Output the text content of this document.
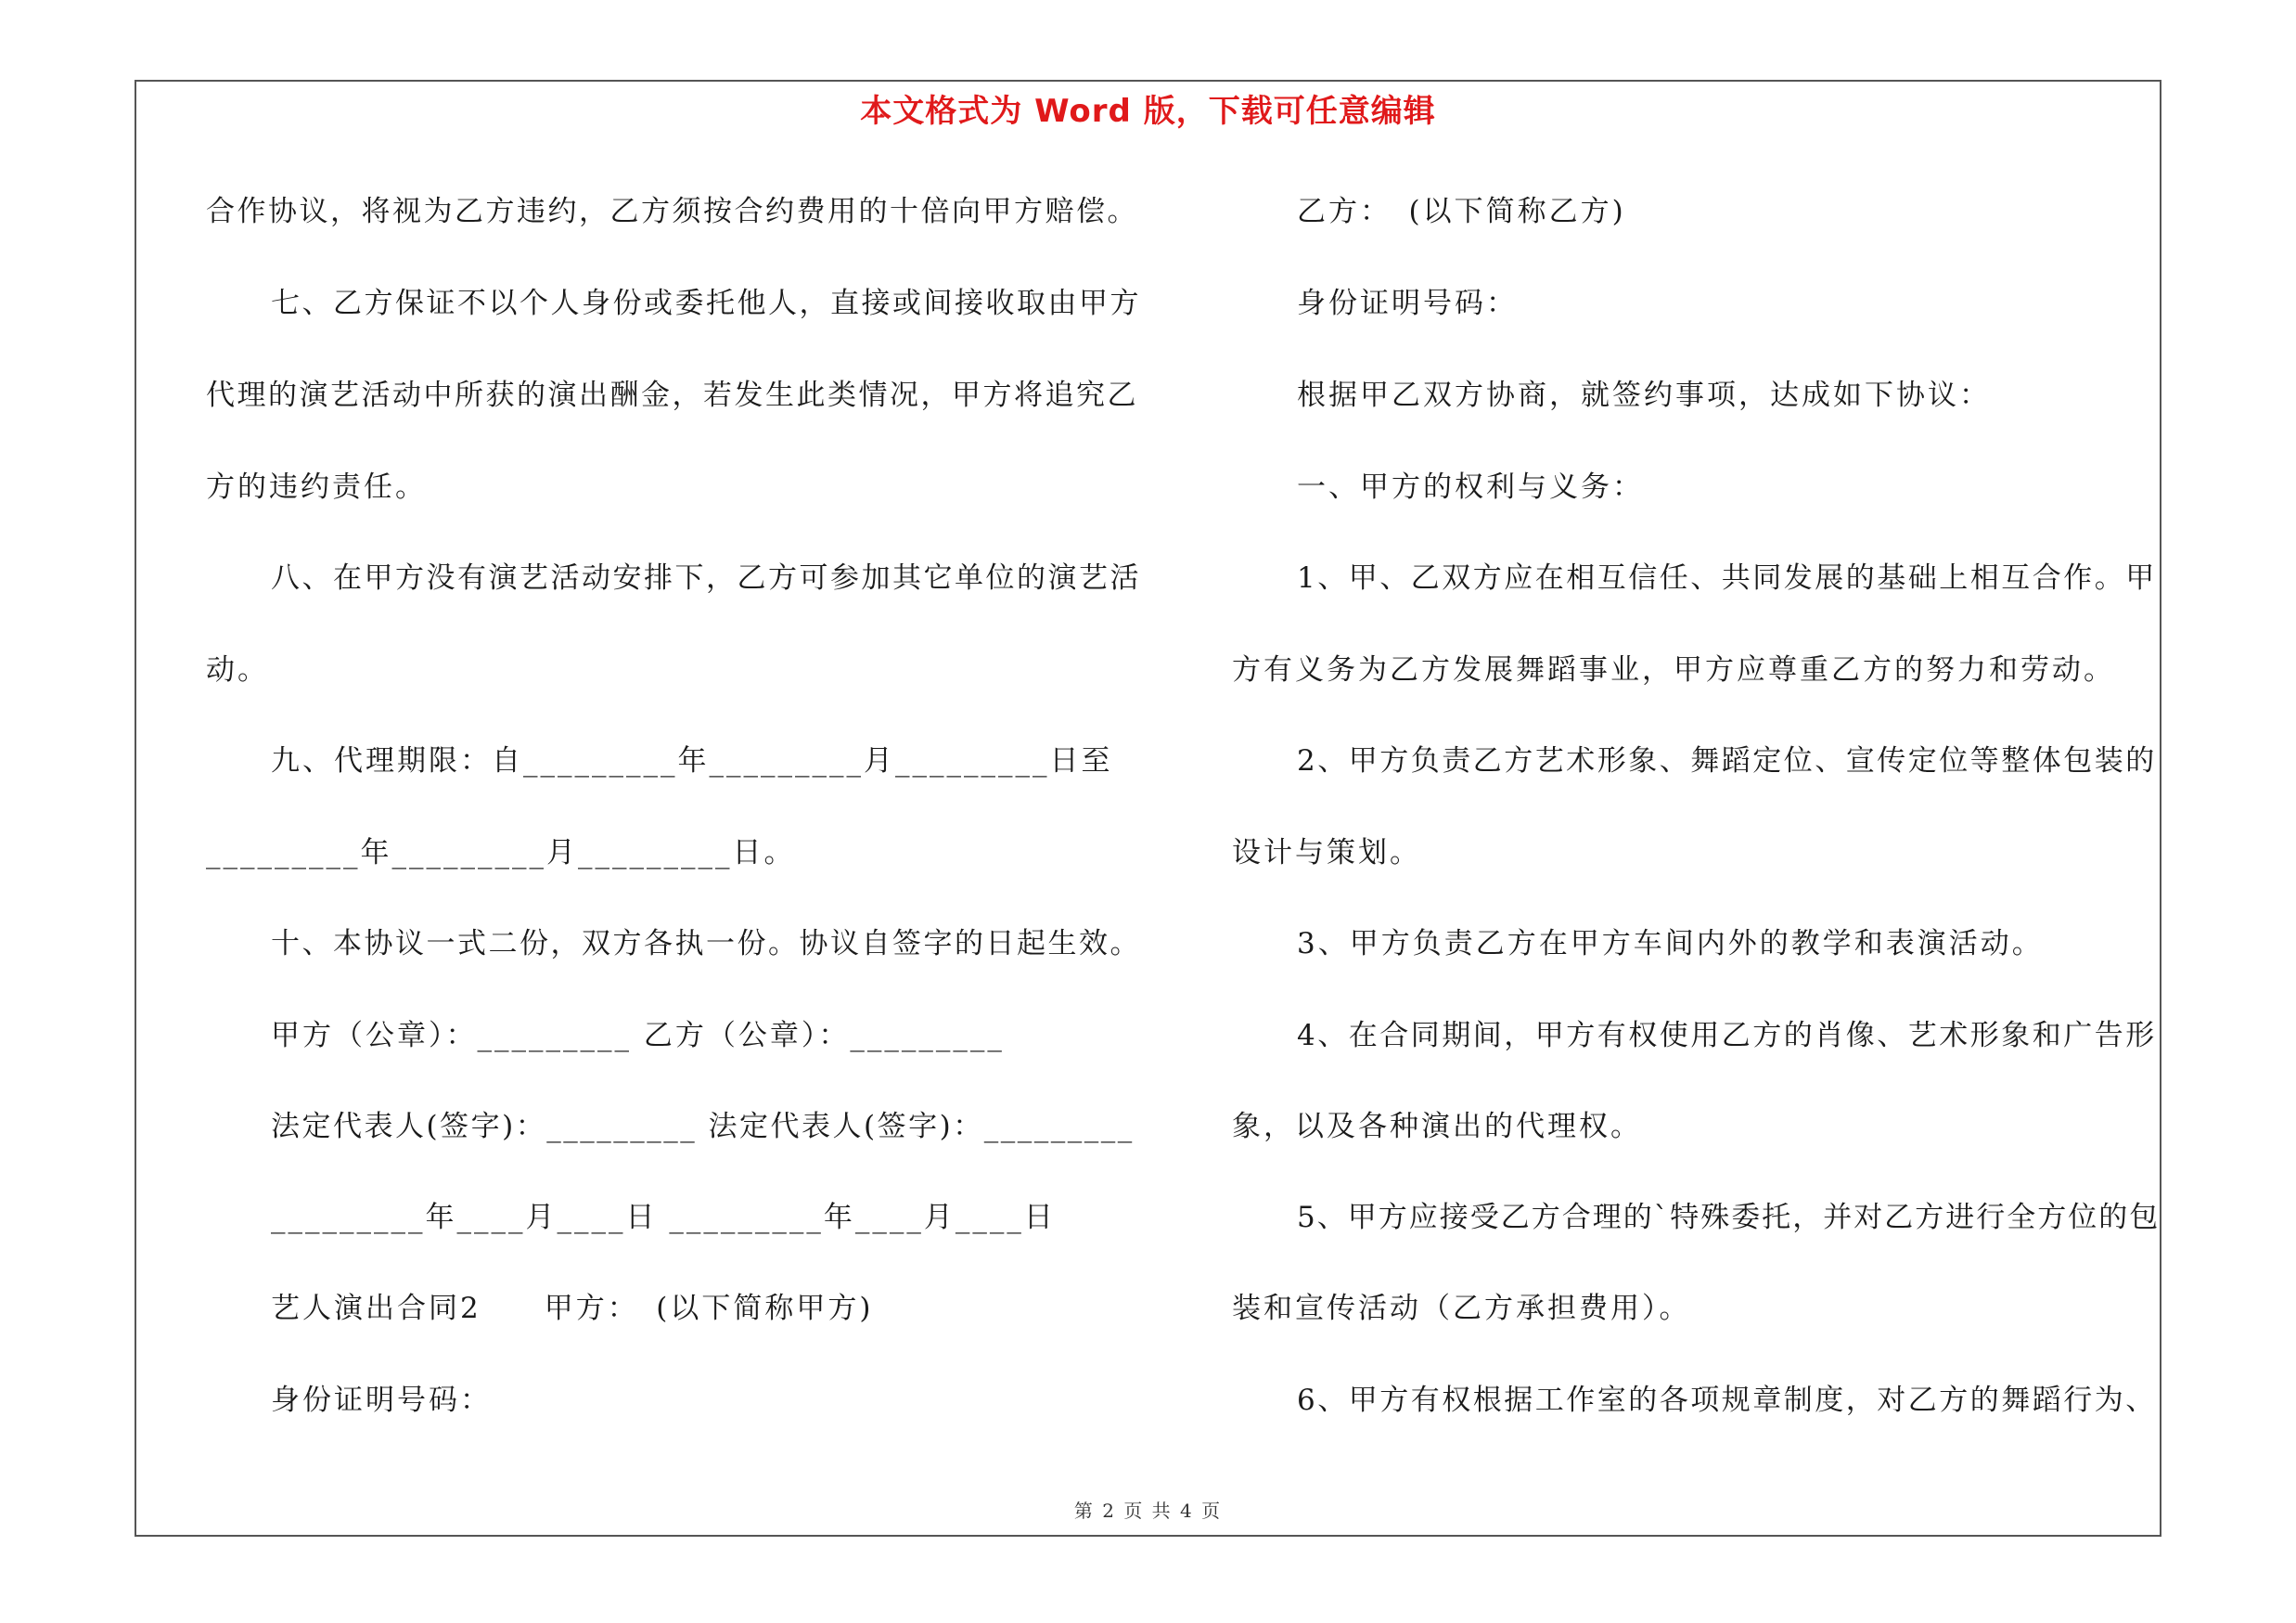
本文格式为 Word 版，下载可任意编辑
合作协议，将视为乙方违约，乙方须按合约费用的十倍向甲方赔偿。
七、乙方保证不以个人身份或委托他人，直接或间接收取由甲方
代理的演艺活动中所获的演出酬金，若发生此类情况，甲方将追究乙
方的违约责任。
八、在甲方没有演艺活动安排下，乙方可参加其它单位的演艺活
动。
九、代理期限：自_________年_________月_________日至
_________年_________月_________日。
十、本协议一式二份，双方各执一份。协议自签字的日起生效。
甲方（公章）：_________ 乙方（公章）：_________
法定代表人(签字)：_________ 法定代表人(签字)：_________
_________年____月____日 _________年____月____日
艺人演出合同2　　甲方：　(以下简称甲方)
身份证明号码：
乙方：　(以下简称乙方)
身份证明号码：
根据甲乙双方协商，就签约事项，达成如下协议：
一、甲方的权利与义务：
1、甲、乙双方应在相互信任、共同发展的基础上相互合作。甲
方有义务为乙方发展舞蹈事业，甲方应尊重乙方的努力和劳动。
2、甲方负责乙方艺术形象、舞蹈定位、宣传定位等整体包装的
设计与策划。
3、甲方负责乙方在甲方车间内外的教学和表演活动。
4、在合同期间，甲方有权使用乙方的肖像、艺术形象和广告形
象，以及各种演出的代理权。
5、甲方应接受乙方合理的`特殊委托，并对乙方进行全方位的包
装和宣传活动（乙方承担费用）。
6、甲方有权根据工作室的各项规章制度，对乙方的舞蹈行为、
第 2 页 共 4 页
